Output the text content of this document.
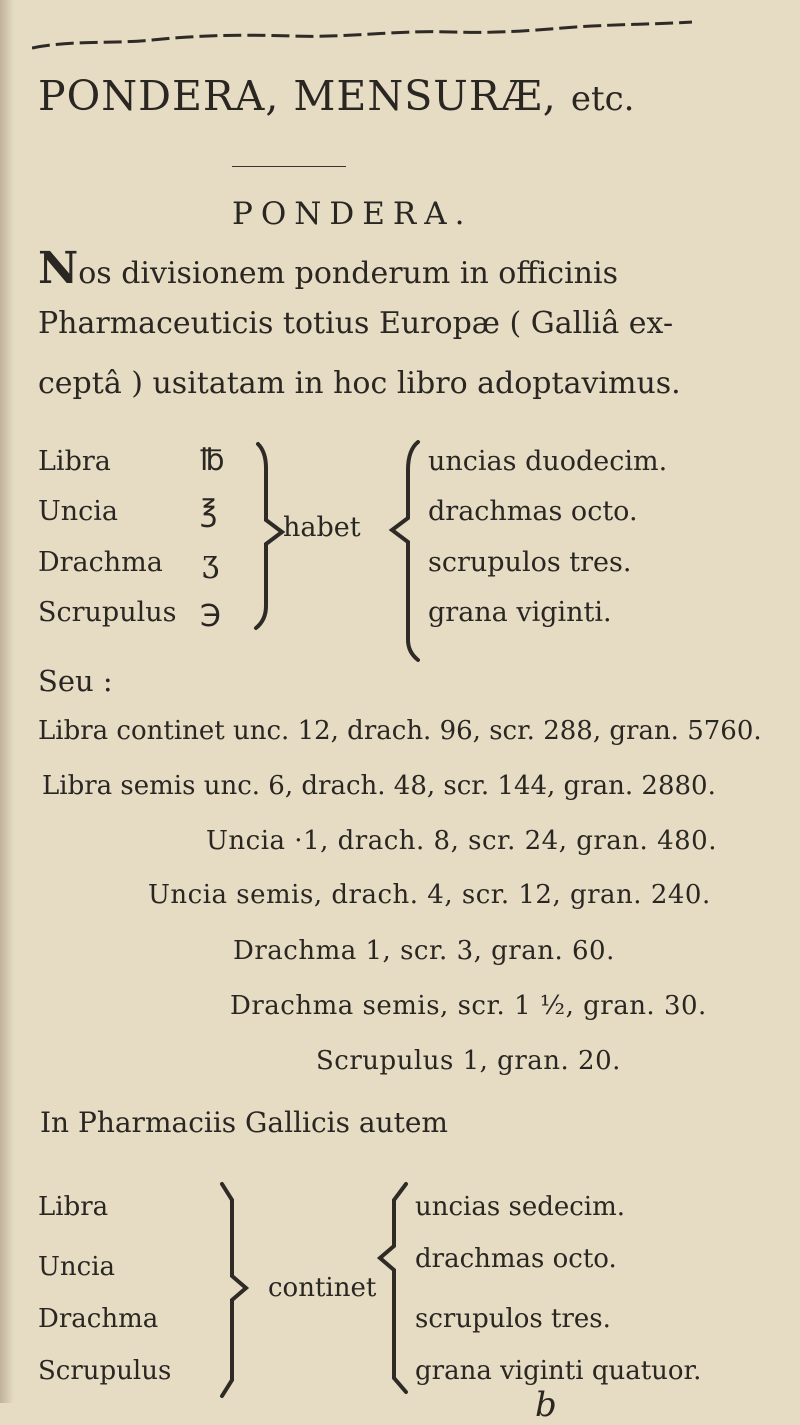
PONDERA, MENSURÆ, etc.
PONDERA.
Nos divisionem ponderum in officinis
Pharmaceuticis totius Europæ ( Galliâ ex-
ceptâ ) usitatam in hoc libro adoptavimus.
Libra
Uncia
Drachma
Scrupulus
℔
℥
ʒ
℈
habet
uncias duodecim.
drachmas octo.
scrupulos tres.
grana viginti.
Seu :
Libra continet unc. 12, drach. 96, scr. 288, gran. 5760.
Libra semis unc. 6, drach. 48, scr. 144, gran. 2880.
Uncia ·1, drach. 8, scr. 24, gran. 480.
Uncia semis, drach. 4, scr. 12, gran. 240.
Drachma 1, scr. 3, gran. 60.
Drachma semis, scr. 1 ½, gran. 30.
Scrupulus 1, gran. 20.
In Pharmaciis Gallicis autem
Libra
Uncia
Drachma
Scrupulus
continet
uncias sedecim.
drachmas octo.
scrupulos tres.
grana viginti quatuor.
b
